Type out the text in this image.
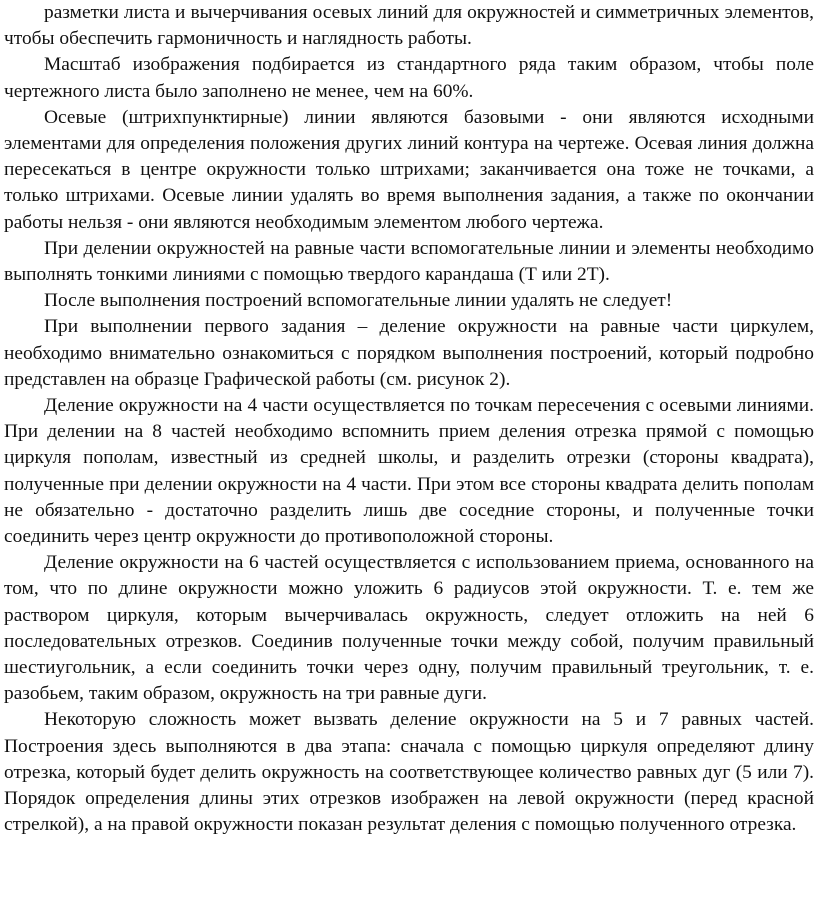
разметки листа и вычерчивания осевых линий для окружностей и симметричных элементов, чтобы обеспечить гармоничность и наглядность работы.

Масштаб изображения подбирается из стандартного ряда таким образом, чтобы поле чертежного листа было заполнено не менее, чем на 60%.

Осевые (штрихпунктирные) линии являются базовыми - они являются исходными элементами для определения положения других линий контура на чертеже. Осевая линия должна пересекаться в центре окружности только штрихами; заканчивается она тоже не точками, а только штрихами. Осевые линии удалять во время выполнения задания, а также по окончании работы нельзя - они являются необходимым элементом любого чертежа.

При делении окружностей на равные части вспомогательные линии и элементы необходимо выполнять тонкими линиями с помощью твердого карандаша (Т или 2Т).

После выполнения построений вспомогательные линии удалять не следует!

При выполнении первого задания – деление окружности на равные части циркулем, необходимо внимательно ознакомиться с порядком выполнения построений, который подробно представлен на образце Графической работы (см. рисунок 2).

Деление окружности на 4 части осуществляется по точкам пересечения с осевыми линиями. При делении на 8 частей необходимо вспомнить прием деления отрезка прямой с помощью циркуля пополам, известный из средней школы, и разделить отрезки (стороны квадрата), полученные при делении окружности на 4 части. При этом все стороны квадрата делить пополам не обязательно - достаточно разделить лишь две соседние стороны, и полученные точки соединить через центр окружности до противоположной стороны.

Деление окружности на 6 частей осуществляется с использованием приема, основанного на том, что по длине окружности можно уложить 6 радиусов этой окружности. Т. е. тем же раствором циркуля, которым вычерчивалась окружность, следует отложить на ней 6 последовательных отрезков. Соединив полученные точки между собой, получим правильный шестиугольник, а если соединить точки через одну, получим правильный треугольник, т. е. разобьем, таким образом, окружность на три равные дуги.

Некоторую сложность может вызвать деление окружности на 5 и 7 равных частей. Построения здесь выполняются в два этапа: сначала с помощью циркуля определяют длину отрезка, который будет делить окружность на соответствующее количество равных дуг (5 или 7). Порядок определения длины этих отрезков изображен на левой окружности (перед красной стрелкой), а на правой окружности показан результат деления с помощью полученного отрезка.
